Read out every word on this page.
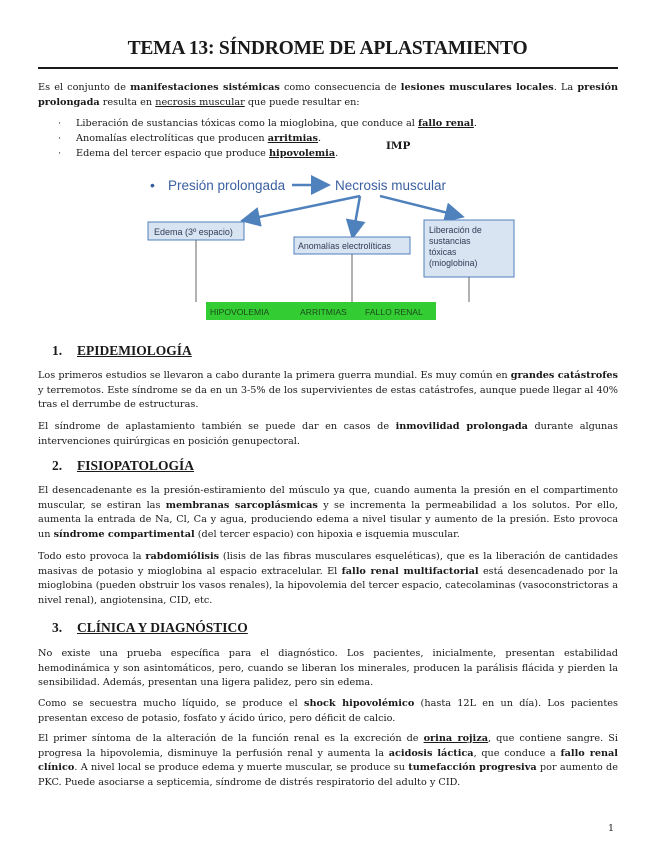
TEMA 13: SÍNDROME DE APLASTAMIENTO
Es el conjunto de manifestaciones sistémicas como consecuencia de lesiones musculares locales. La presión prolongada resulta en necrosis muscular que puede resultar en:
· Liberación de sustancias tóxicas como la mioglobina, que conduce al fallo renal.
· Anomalías electrolíticas que producen arritmias.
· Edema del tercer espacio que produce hipovolemia.
IMP
• Presión prolongada	Necrosis muscular
Edema (3º espacio)
Anomalías electrolíticas
Liberación de
sustancias
tóxicas
(mioglobina)
HIPOVOLEMIA	ARRITMIAS FALLO RENAL
1. EPIDEMIOLOGÍA
Los primeros estudios se llevaron a cabo durante la primera guerra mundial. Es muy común en grandes catástrofes y terremotos. Este síndrome se da en un 3-5% de los supervivientes de estas catástrofes, aunque puede llegar al 40% tras el derrumbe de estructuras.
El síndrome de aplastamiento también se puede dar en casos de inmovilidad prolongada durante algunas intervenciones quirúrgicas en posición genupectoral.
2. FISIOPATOLOGÍA
El desencadenante es la presión-estiramiento del músculo ya que, cuando aumenta la presión en el compartimento muscular, se estiran las membranas sarcoplásmicas y se incrementa la permeabilidad a los solutos. Por ello, aumenta la entrada de Na, Cl, Ca y agua, produciendo edema a nivel tisular y aumento de la presión. Esto provoca un síndrome compartimental (del tercer espacio) con hipoxia e isquemia muscular.
Todo esto provoca la rabdomiólisis (lisis de las fibras musculares esqueléticas), que es la liberación de cantidades masivas de potasio y mioglobina al espacio extracelular. El fallo renal multifactorial está desencadenado por la mioglobina (pueden obstruir los vasos renales), la hipovolemia del tercer espacio, catecolaminas (vasoconstrictoras a nivel renal), angiotensina, CID, etc.
3. CLÍNICA Y DIAGNÓSTICO
No existe una prueba específica para el diagnóstico. Los pacientes, inicialmente, presentan estabilidad hemodinámica y son asintomáticos, pero, cuando se liberan los minerales, producen la parálisis flácida y pierden la sensibilidad. Además, presentan una ligera palidez, pero sin edema.
Como se secuestra mucho líquido, se produce el shock hipovolémico (hasta 12L en un día). Los pacientes presentan exceso de potasio, fosfato y ácido úrico, pero déficit de calcio.
El primer síntoma de la alteración de la función renal es la excreción de orina rojiza, que contiene sangre. Si progresa la hipovolemia, disminuye la perfusión renal y aumenta la acidosis láctica, que conduce a fallo renal clínico. A nivel local se produce edema y muerte muscular, se produce su tumefacción progresiva por aumento de PKC. Puede asociarse a septicemia, síndrome de distrés respiratorio del adulto y CID.
1
